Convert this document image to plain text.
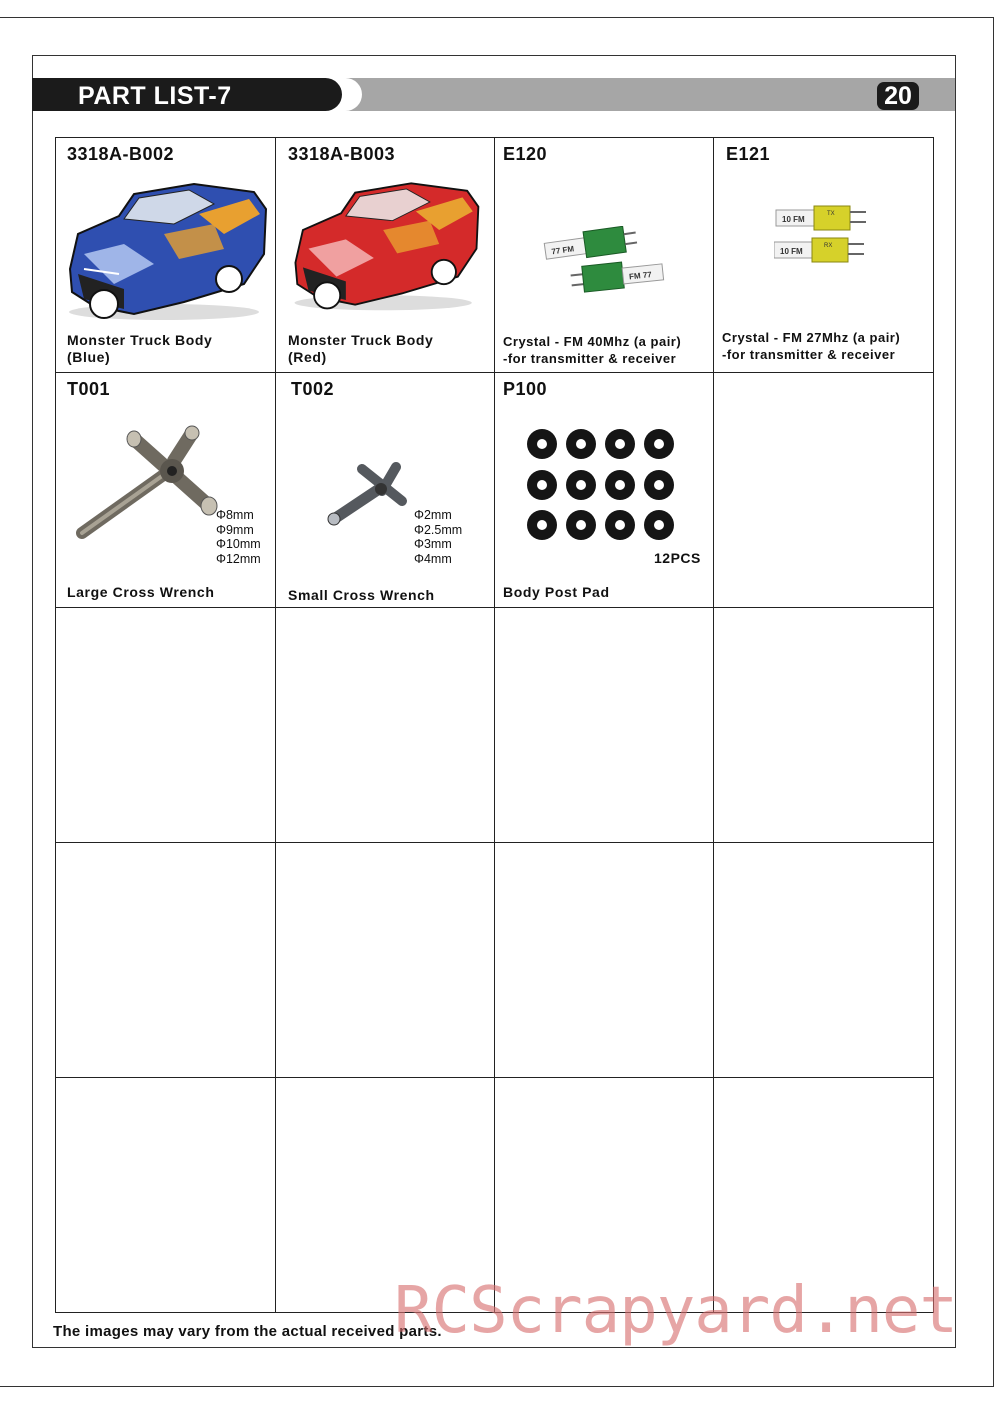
PART LIST-7	20
3318A-B002
Monster Truck Body
(Blue)
3318A-B003
Monster Truck Body
(Red)
E120
77 FM
FM 77
Crystal - FM 40Mhz (a pair)
-for transmitter & receiver
E121
10 FM
TX
10 FM
RX
Crystal - FM 27Mhz (a pair)
-for transmitter & receiver
T001
Φ8mm
Φ9mm
Φ10mm
Φ12mm
Large Cross Wrench
T002
Φ2mm
Φ2.5mm
Φ3mm
Φ4mm
Small Cross Wrench
P100
12PCS
Body Post Pad
The images may vary from the actual received parts.
RCScrapyard.net
